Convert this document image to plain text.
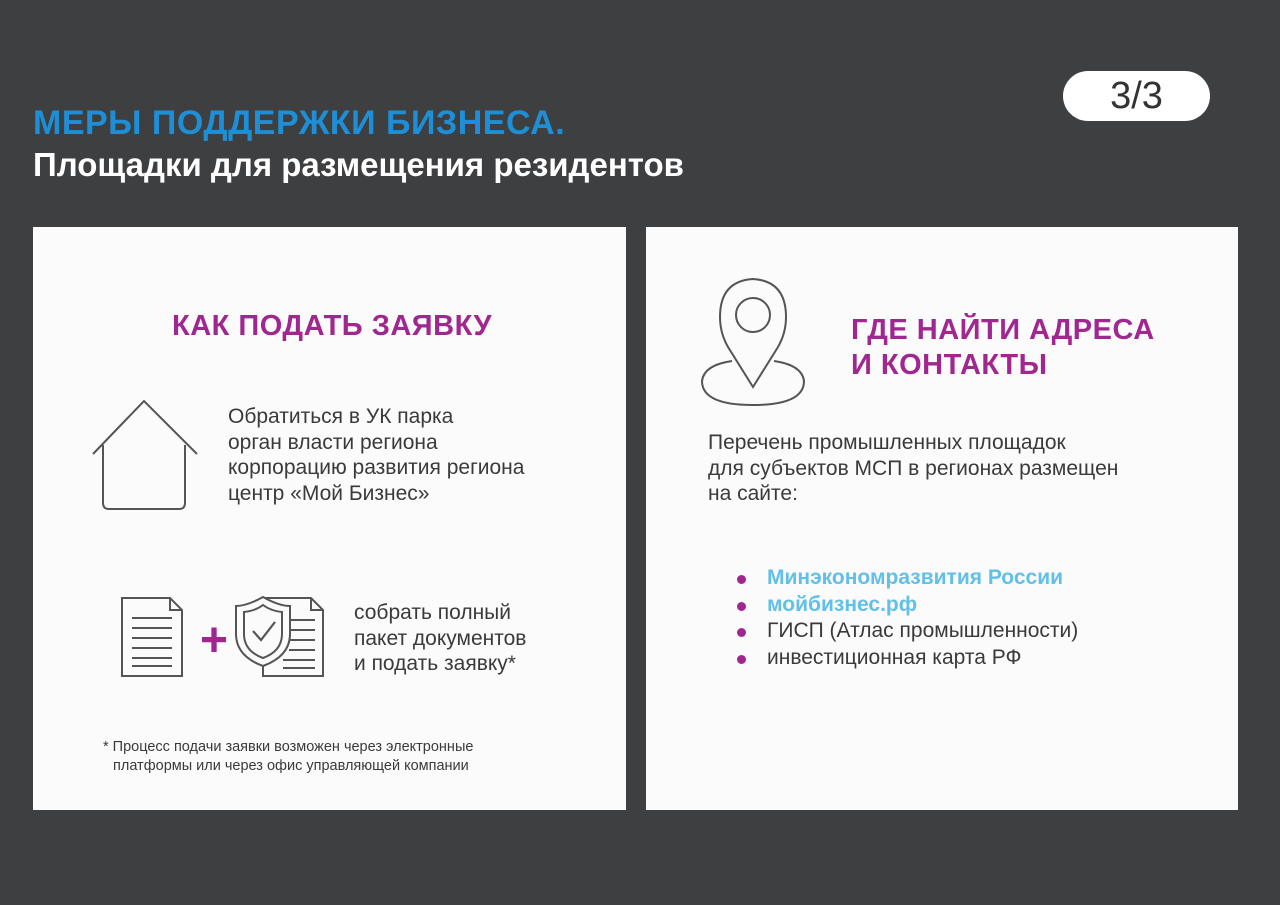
МЕРЫ ПОДДЕРЖКИ БИЗНЕСА.
Площадки для размещения резидентов
3/3
КАК ПОДАТЬ ЗАЯВКУ
Обратиться в УК парка
орган власти региона
корпорацию развития региона
центр «Мой Бизнес»
+
собрать полный
пакет документов
и подать заявку*
* Процесс подачи заявки возможен через электронные
платформы или через офис управляющей компании
ГДЕ НАЙТИ АДРЕСА
И КОНТАКТЫ
Перечень промышленных площадок
для субъектов МСП в регионах размещен
на сайте:
Минэкономразвития России
мойбизнес.рф
ГИСП (Атлас промышленности)
инвестиционная карта РФ
